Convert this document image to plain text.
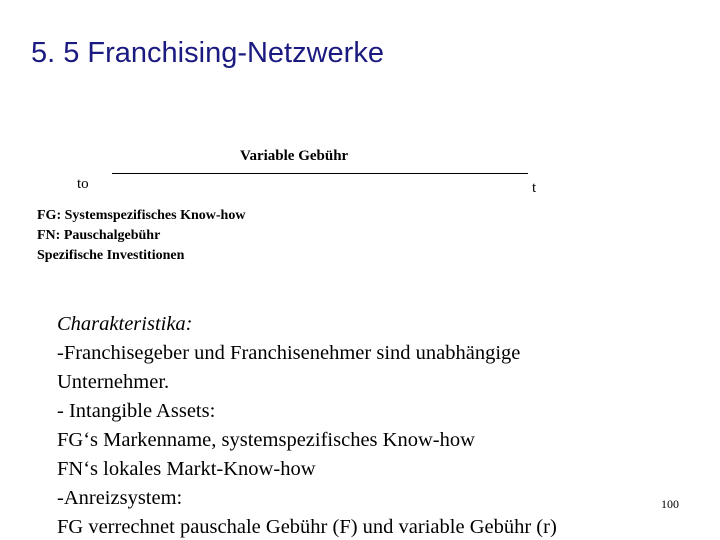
5. 5 Franchising-Netzwerke
Variable Gebühr
to	t
FG: Systemspezifisches Know-how
FN: Pauschalgebühr
Spezifische Investitionen
Charakteristika:
-Franchisegeber und Franchisenehmer sind unabhängige
Unternehmer.
- Intangible Assets:
FG‘s Markenname, systemspezifisches Know-how
FN‘s lokales Markt-Know-how
-Anreizsystem:
FG verrechnet pauschale Gebühr (F) und variable Gebühr (r)
100
